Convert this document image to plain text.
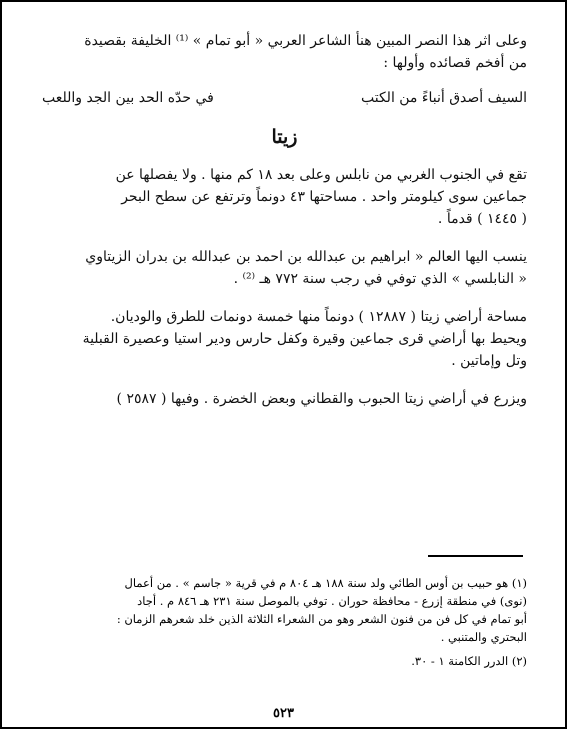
وعلى اثر هذا النصر المبين هنأ الشاعر العربي « أبو تمام » ⁽¹⁾ الخليفة بقصيدة
من أفخم قصائده وأولها :
السيف أصدق أنباءً من الكتب
في حدّه الحد بين الجد واللعب
زيتا
تقع في الجنوب الغربي من نابلس وعلى بعد ١٨ كم منها . ولا يفصلها عن
جماعين سوى كيلومتر واحد . مساحتها ٤٣ دونماً وترتفع عن سطح البحر
( ١٤٤٥ ) قدماً .
ينسب اليها العالم « ابراهيم بن عبدالله بن احمد بن عبدالله بن بدران الزيتاوي
« النابلسي » الذي توفي في رجب سنة ٧٧٢ هـ ⁽²⁾ .
مساحة أراضي زيتا ( ١٢٨٨٧ ) دونماً منها خمسة دونمات للطرق والوديان.
ويحيط بها أراضي قرى جماعين وقيرة وكفل حارس ودير استيا وعصيرة القبلية
وتل وإماتين .
ويزرع في أراضي زيتا الحبوب والقطاني وبعض الخضرة . وفيها ( ٢٥٨٧ )
(١) هو حبيب بن أوس الطائي ولد سنة ١٨٨ هـ ٨٠٤ م في قرية « جاسم » . من أعمال
(نوى) في منطقة إزرع - محافظة حوران . توفي بالموصل سنة ٢٣١ هـ ٨٤٦ م . أجاد
أبو تمام في كل فن من فنون الشعر وهو من الشعراء الثلاثة الذين خلد شعرهم الزمان :
البحتري والمتنبي .
(٢) الدرر الكامنة ١ - ٣٠.
٥٢٣
